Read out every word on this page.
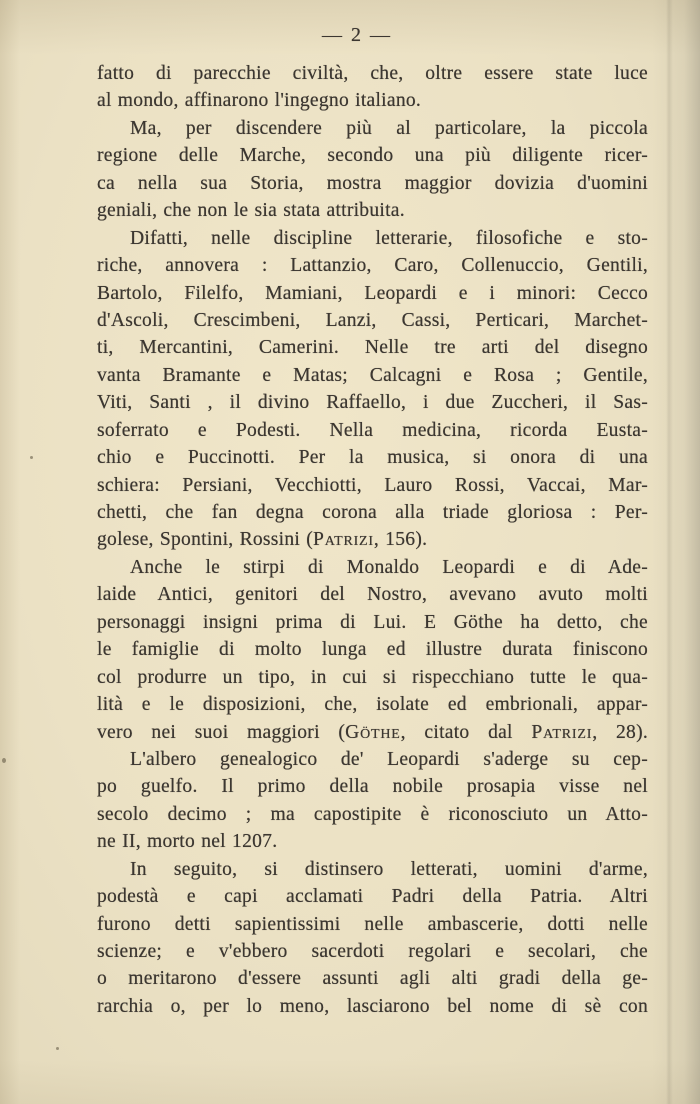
— 2 —
fatto di parecchie civiltà, che, oltre essere state luce
al mondo, affinarono l'ingegno italiano.
Ma, per discendere più al particolare, la piccola
regione delle Marche, secondo una più diligente ricer-
ca nella sua Storia, mostra maggior dovizia d'uomini
geniali, che non le sia stata attribuita.
Difatti, nelle discipline letterarie, filosofiche e sto-
riche, annovera : Lattanzio, Caro, Collenuccio, Gentili,
Bartolo, Filelfo, Mamiani, Leopardi e i minori: Cecco
d'Ascoli, Crescimbeni, Lanzi, Cassi, Perticari, Marchet-
ti, Mercantini, Camerini. Nelle tre arti del disegno
vanta Bramante e Matas; Calcagni e Rosa ; Gentile,
Viti, Santi , il divino Raffaello, i due Zuccheri, il Sas-
soferrato e Podesti. Nella medicina, ricorda Eusta-
chio e Puccinotti. Per la musica, si onora di una
schiera: Persiani, Vecchiotti, Lauro Rossi, Vaccai, Mar-
chetti, che fan degna corona alla triade gloriosa : Per-
golese, Spontini, Rossini (Patrizi, 156).
Anche le stirpi di Monaldo Leopardi e di Ade-
laide Antici, genitori del Nostro, avevano avuto molti
personaggi insigni prima di Lui. E Göthe ha detto, che
le famiglie di molto lunga ed illustre durata finiscono
col produrre un tipo, in cui si rispecchiano tutte le qua-
lità e le disposizioni, che, isolate ed embrionali, appar-
vero nei suoi maggiori (Göthe, citato dal Patrizi, 28).
L'albero genealogico de' Leopardi s'aderge su cep-
po guelfo. Il primo della nobile prosapia visse nel
secolo decimo ; ma capostipite è riconosciuto un Atto-
ne II, morto nel 1207.
In seguito, si distinsero letterati, uomini d'arme,
podestà e capi acclamati Padri della Patria. Altri
furono detti sapientissimi nelle ambascerie, dotti nelle
scienze; e v'ebbero sacerdoti regolari e secolari, che
o meritarono d'essere assunti agli alti gradi della ge-
rarchia o, per lo meno, lasciarono bel nome di sè con
